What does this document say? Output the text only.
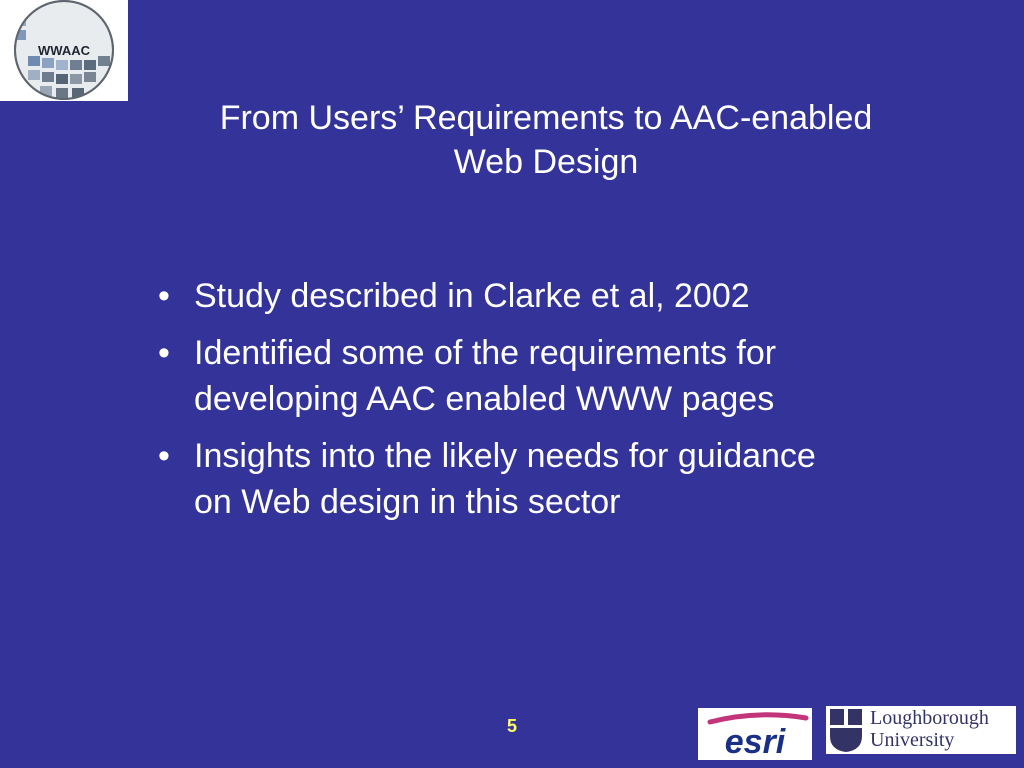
WWAAC
From Users’ Requirements to AAC-enabled
Web Design
• Study described in Clarke et al, 2002
• Identified some of the requirements for
developing AAC enabled WWW pages
• Insights into the likely needs for guidance
on Web design in this sector
5	esri
Loughborough
University
